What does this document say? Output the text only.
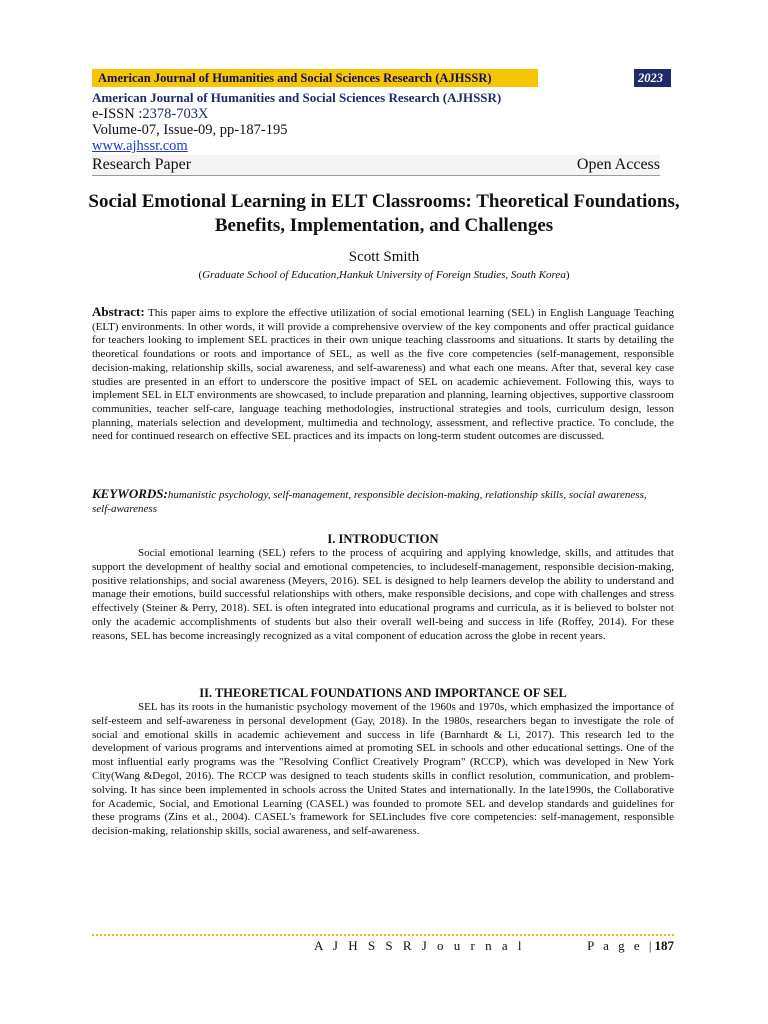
American Journal of Humanities and Social Sciences Research (AJHSSR)	2023
American Journal of Humanities and Social Sciences Research (AJHSSR)
e-ISSN :2378-703X
Volume-07, Issue-09, pp-187-195
www.ajhssr.com
Research Paper	Open Access
Social Emotional Learning in ELT Classrooms: Theoretical Foundations, Benefits, Implementation, and Challenges
Scott Smith
(Graduate School of Education,Hankuk University of Foreign Studies, South Korea)
Abstract: This paper aims to explore the effective utilization of social emotional learning (SEL) in English Language Teaching (ELT) environments. In other words, it will provide a comprehensive overview of the key components and offer practical guidance for teachers looking to implement SEL practices in their own unique teaching classrooms and situations. It starts by detailing the theoretical foundations or roots and importance of SEL, as well as the five core competencies (self-management, responsible decision-making, relationship skills, social awareness, and self-awareness) and what each one means. After that, several key case studies are presented in an effort to underscore the positive impact of SEL on academic achievement. Following this, ways to implement SEL in ELT environments are showcased, to include preparation and planning, learning objectives, supportive classroom communities, teacher self-care, language teaching methodologies, instructional strategies and tools, curriculum design, lesson planning, materials selection and development, multimedia and technology, assessment, and reflective practice. To conclude, the need for continued research on effective SEL practices and its impacts on long-term student outcomes are discussed.
KEYWORDS:humanistic psychology, self-management, responsible decision-making, relationship skills, social awareness, self-awareness
I. INTRODUCTION

Social emotional learning (SEL) refers to the process of acquiring and applying knowledge, skills, and attitudes that support the development of healthy social and emotional competencies, to includeself-management, responsible decision-making, positive relationships, and social awareness (Meyers, 2016). SEL is designed to help learners develop the ability to understand and manage their emotions, build successful relationships with others, make responsible decisions, and cope with challenges and stress effectively (Steiner & Perry, 2018). SEL is often integrated into educational programs and curricula, as it is believed to bolster not only the academic accomplishments of students but also their overall well-being and success in life (Roffey, 2014). For these reasons, SEL has become increasingly recognized as a vital component of education across the globe in recent years.

II. THEORETICAL FOUNDATIONS AND IMPORTANCE OF SEL

SEL has its roots in the humanistic psychology movement of the 1960s and 1970s, which emphasized the importance of self-esteem and self-awareness in personal development (Gay, 2018). In the 1980s, researchers began to investigate the role of social and emotional skills in academic achievement and success in life (Barnhardt & Li, 2017). This research led to the development of various programs and interventions aimed at promoting SEL in schools and other educational settings. One of the most influential early programs was the "Resolving Conflict Creatively Program" (RCCP), which was developed in New York City(Wang &Degol, 2016). The RCCP was designed to teach students skills in conflict resolution, communication, and problem-solving. It has since been implemented in schools across the United States and internationally. In the late1990s, the Collaborative for Academic, Social, and Emotional Learning (CASEL) was founded to promote SEL and develop standards and guidelines for these programs (Zins et al., 2004). CASEL's framework for SELincludes five core competencies: self-management, responsible decision-making, relationship skills, social awareness, and self-awareness.

A J H S S R J o u r n a l	P a g e |187
